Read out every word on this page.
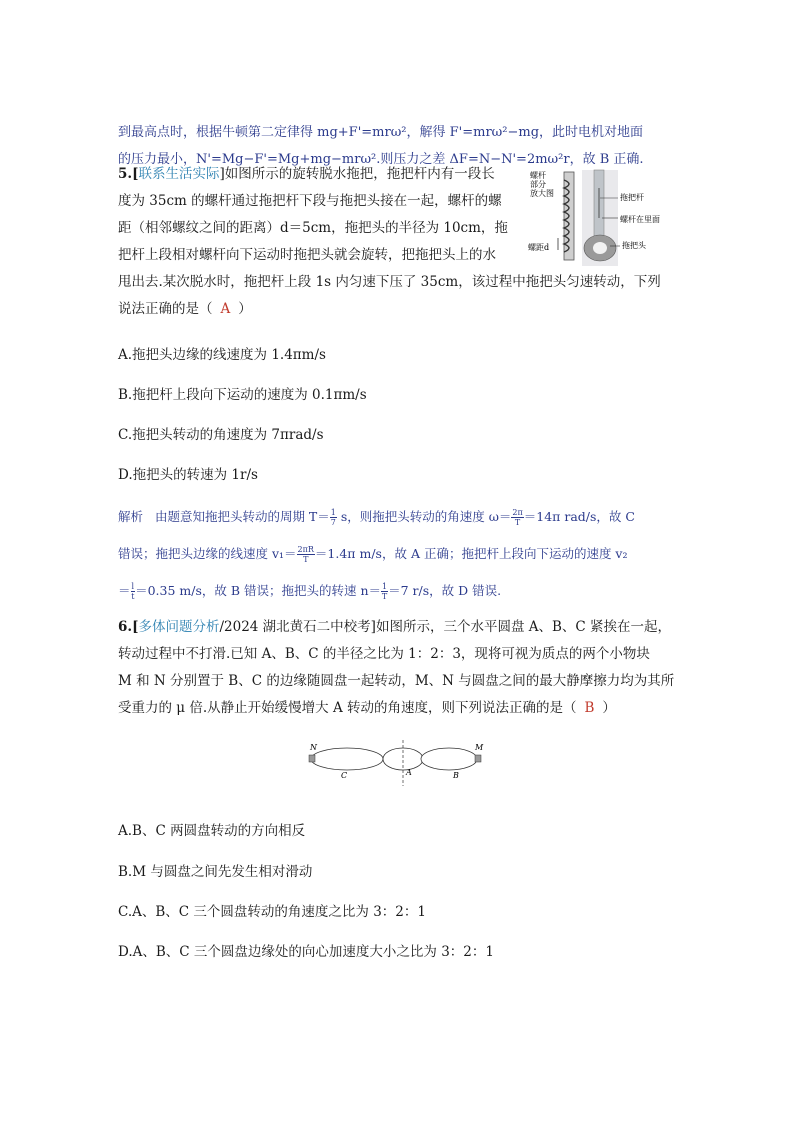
到最高点时，根据牛顿第二定律得 mg+F'=mrω²，解得 F'=mrω²−mg，此时电机对地面
的压力最小，N'=Mg−F'=Mg+mg−mrω².则压力之差 ΔF=N−N'=2mω²r，故 B 正确.
5.[联系生活实际]如图所示的旋转脱水拖把，拖把杆内有一段长
度为 35cm 的螺杆通过拖把杆下段与拖把头接在一起，螺杆的螺
距（相邻螺纹之间的距离）d＝5cm，拖把头的半径为 10cm，拖
把杆上段相对螺杆向下运动时拖把头就会旋转，把拖把头上的水
甩出去.某次脱水时，拖把杆上段 1s 内匀速下压了 35cm，该过程中拖把头匀速转动，下列
说法正确的是（ A ）
螺杆
部分
放大图
螺距d
拖把杆
螺杆在里面
拖把头
A.拖把头边缘的线速度为 1.4πm/s
B.拖把杆上段向下运动的速度为 0.1πm/s
C.拖把头转动的角速度为 7πrad/s
D.拖把头的转速为 1r/s
解析 由题意知拖把头转动的周期 $T= \frac{1}{7}$ s，则拖把头转动的角速度 $\omega= \frac{2\pi}{T} =14\pi$ rad/s，故 C
错误；拖把头边缘的线速度 $v_1= \frac{2\pi R}{T} =1.4\pi$ m/s，故 A 正确；拖把杆上段向下运动的速度 v₂
＝ $\frac{l}{t} =0.35$ m/s，故 B 错误；拖把头的转速 $n= \frac{1}{T} =7$ r/s，故 D 错误.
6.[多体问题分析/2024 湖北黄石二中校考]如图所示，三个水平圆盘 A、B、C 紧挨在一起，
转动过程中不打滑.已知 A、B、C 的半径之比为 1：2：3，现将可视为质点的两个小物块
M 和 N 分别置于 B、C 的边缘随圆盘一起转动，M、N 与圆盘之间的最大静摩擦力均为其所
受重力的 μ 倍.从静止开始缓慢增大 A 转动的角速度，则下列说法正确的是（ B ）
N	M
C	A	B
A.B、C 两圆盘转动的方向相反
B.M 与圆盘之间先发生相对滑动
C.A、B、C 三个圆盘转动的角速度之比为 3：2：1
D.A、B、C 三个圆盘边缘处的向心加速度大小之比为 3：2：1
